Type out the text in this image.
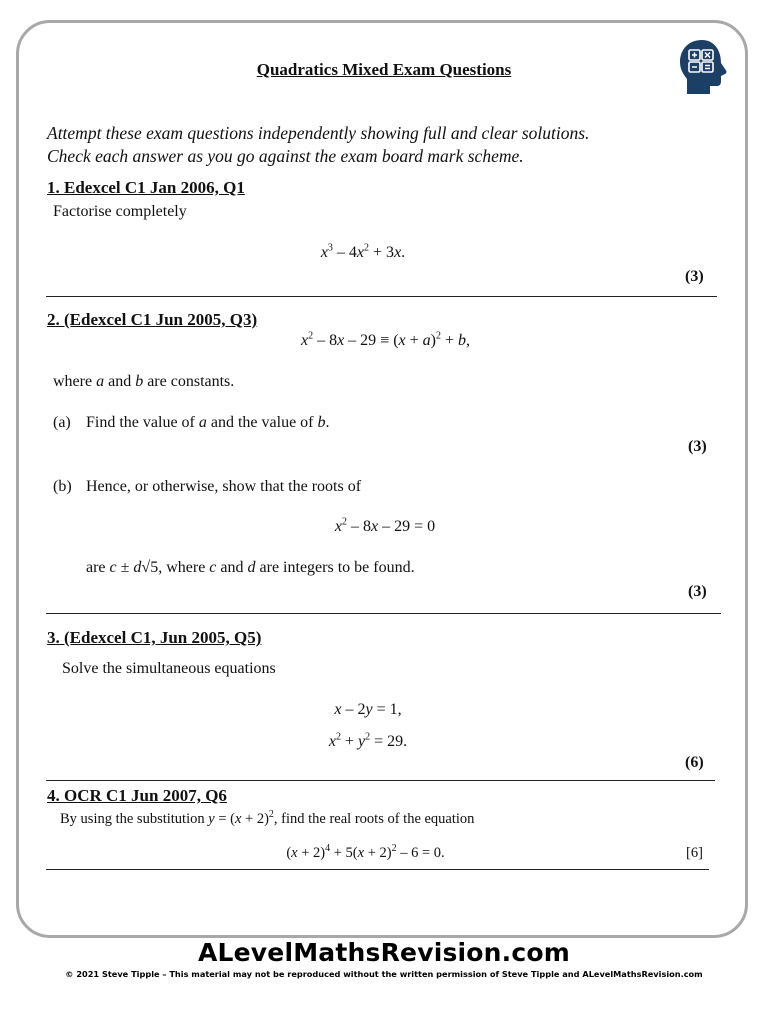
Quadratics Mixed Exam Questions
Attempt these exam questions independently showing full and clear solutions.
Check each answer as you go against the exam board mark scheme.
1. Edexcel C1 Jan 2006, Q1
Factorise completely
$x^3 - 4x^2 + 3x$.
(3)
2. (Edexcel C1 Jun 2005, Q3)
$x^2 - 8x - 29 \equiv (x + a)^2 + b$,
where a and b are constants.
(a) Find the value of a and the value of b.
(3)
(b) Hence, or otherwise, show that the roots of
$x^2 - 8x - 29 = 0$
are c ± d√5, where c and d are integers to be found.
(3)
3. (Edexcel C1, Jun 2005, Q5)
Solve the simultaneous equations
x – 2y = 1,
$x^2 + y^2 = 29$.
(6)
4. OCR C1 Jun 2007, Q6
By using the substitution $y = (x + 2)^2$, find the real roots of the equation
$(x + 2)^4 + 5(x + 2)^2 - 6 = 0$.	[6]
ALevelMathsRevision.com
© 2021 Steve Tipple – This material may not be reproduced without the written permission of Steve Tipple and ALevelMathsRevision.com
